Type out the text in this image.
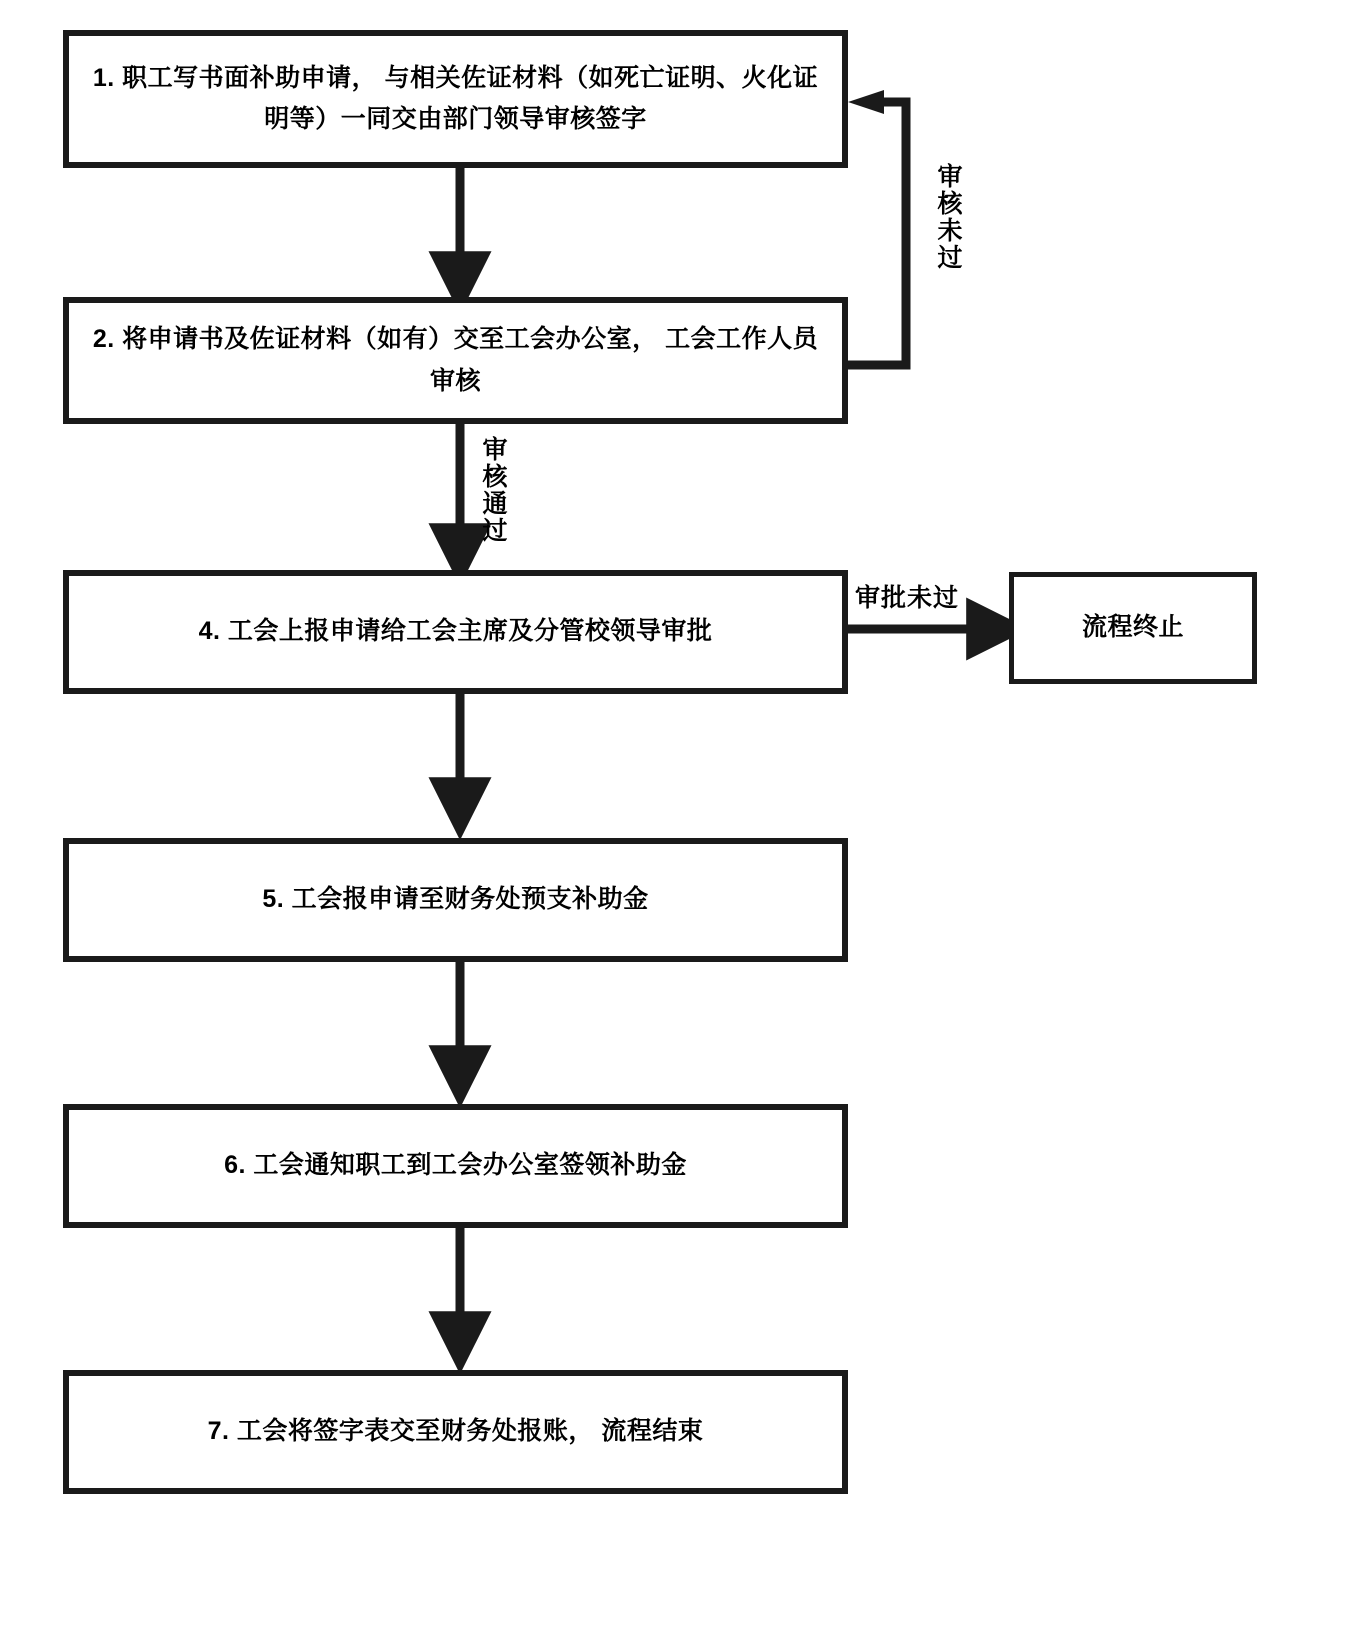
1. 职工写书面补助申请， 与相关佐证材料（如死亡证明、火化证明等）一同交由部门领导审核签字
2. 将申请书及佐证材料（如有）交至工会办公室， 工会工作人员审核
4. 工会上报申请给工会主席及分管校领导审批	流程终止
5. 工会报申请至财务处预支补助金
6. 工会通知职工到工会办公室签领补助金
7. 工会将签字表交至财务处报账， 流程结束
审核未过
审核通过
审批未过
